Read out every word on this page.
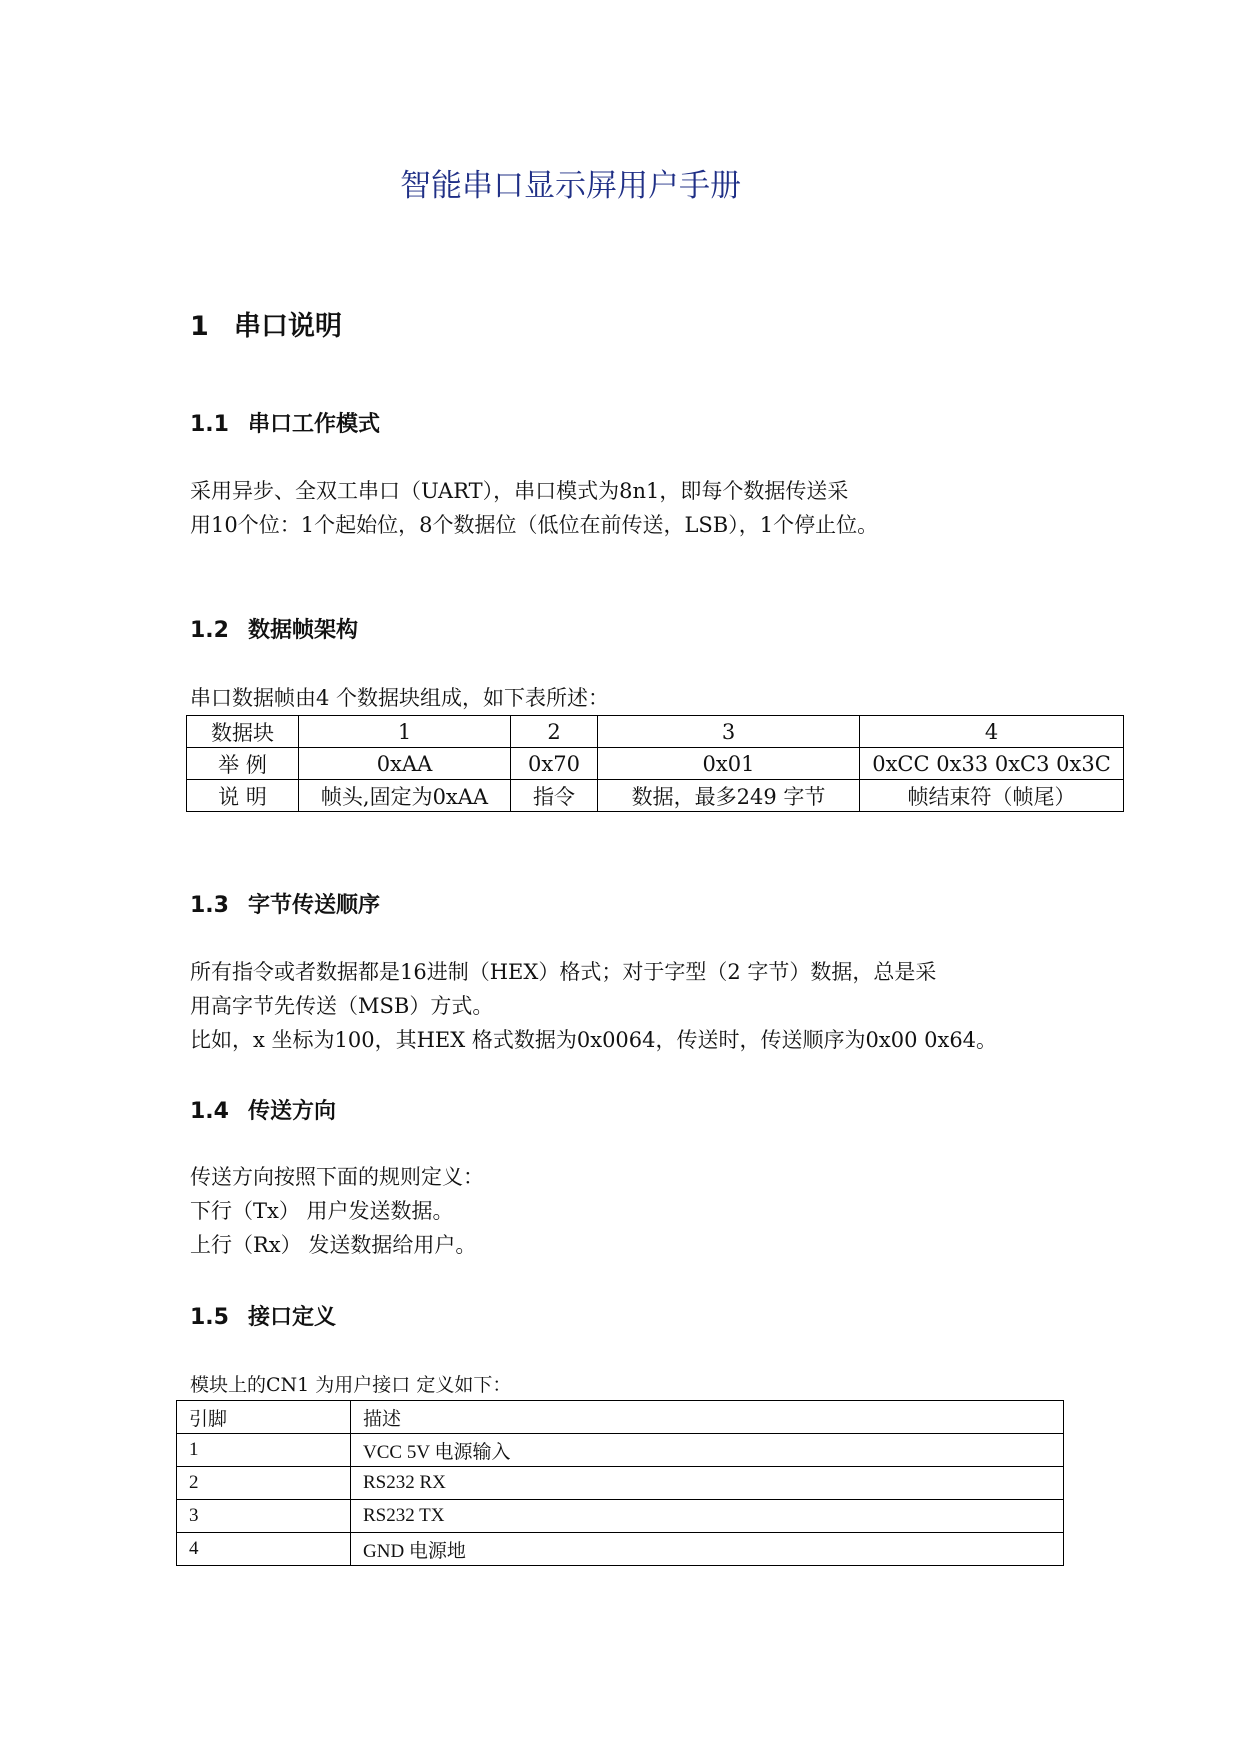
智能串口显示屏用户手册
1 串口说明
1.1 串口工作模式
采用异步、全双工串口（UART），串口模式为8n1，即每个数据传送采
用10个位：1个起始位，8个数据位（低位在前传送，LSB），1个停止位。
1.2 数据帧架构
串口数据帧由4 个数据块组成，如下表所述：
数据块	1	2	3	4
举 例	0xAA	0x70	0x01	0xCC 0x33 0xC3 0x3C
说 明	帧头,固定为0xAA	指令	数据，最多249 字节	帧结束符（帧尾）
1.3 字节传送顺序
所有指令或者数据都是16进制（HEX）格式；对于字型（2 字节）数据，总是采
用高字节先传送（MSB）方式。
比如，x 坐标为100，其HEX 格式数据为0x0064，传送时，传送顺序为0x00 0x64。
1.4 传送方向
传送方向按照下面的规则定义：
下行（Tx） 用户发送数据。
上行（Rx） 发送数据给用户。
1.5 接口定义
模块上的CN1 为用户接口 定义如下：
引脚	描述
1	VCC 5V 电源输入
2	RS232 RX
3	RS232 TX
4	GND 电源地
